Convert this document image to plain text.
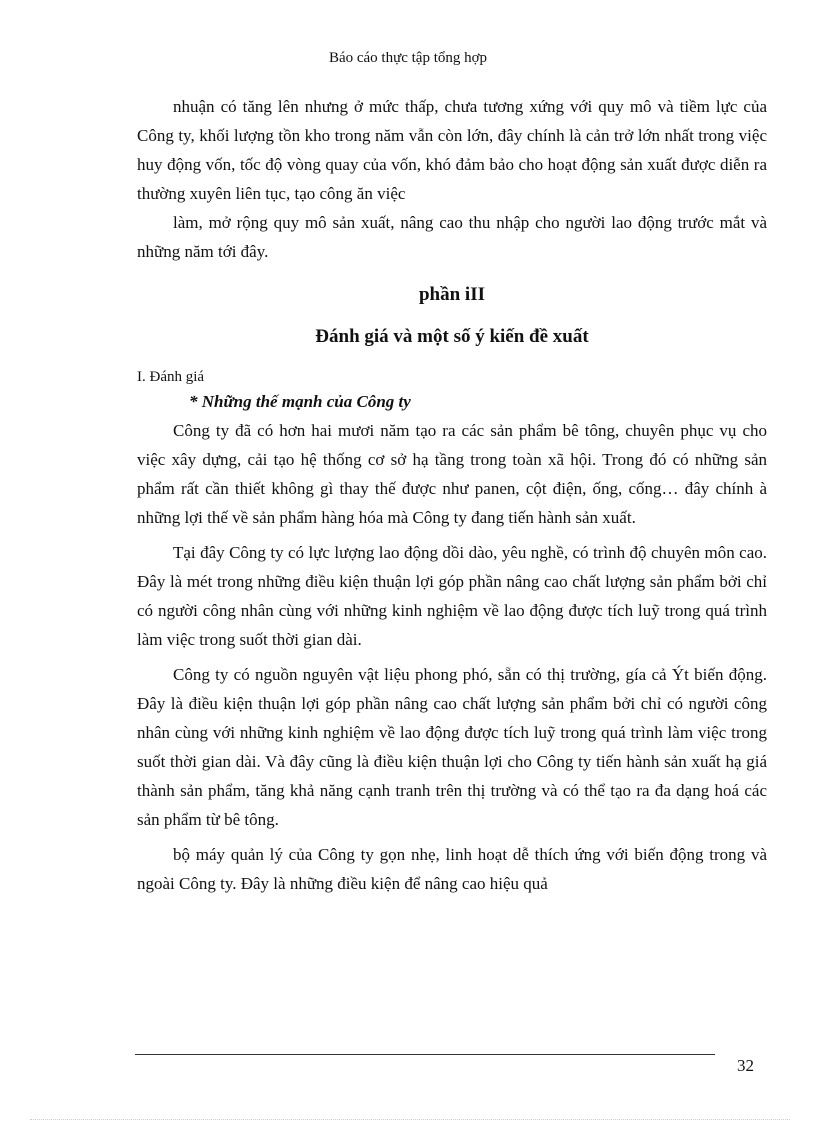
Báo cáo thực tập tổng hợp

nhuận có tăng lên nhưng ở mức thấp, chưa tương xứng với quy mô và tiềm lực của Công ty, khối lượng tồn kho trong năm vẫn còn lớn, đây chính là cản trở lớn nhất trong việc huy động vốn, tốc độ vòng quay của vốn, khó đảm bảo cho hoạt động sản xuất được diễn ra thường xuyên liên tục, tạo công ăn việc

làm, mở rộng quy mô sản xuất, nâng cao thu nhập cho người lao động trước mắt và những năm tới đây.

phần iII
Đánh giá và một số ý kiến đề xuất

I. Đánh giá

* Những thế mạnh của Công ty

Công ty đã có hơn hai mươi năm tạo ra các sản phẩm bê tông, chuyên phục vụ cho việc xây dựng, cải tạo hệ thống cơ sở hạ tầng trong toàn xã hội. Trong đó có những sản phẩm rất cần thiết không gì thay thế được như panen, cột điện, ống, cống… đây chính à những lợi thế về sản phẩm hàng hóa mà Công ty đang tiến hành sản xuất.

Tại đây Công ty có lực lượng lao động dồi dào, yêu nghề, có trình độ chuyên môn cao. Đây là mét trong những điều kiện thuận lợi góp phần nâng cao chất lượng sản phẩm bởi chỉ có người công nhân cùng với những kinh nghiệm về lao động được tích luỹ trong quá trình làm việc trong suốt thời gian dài.

Công ty có nguồn nguyên vật liệu phong phó, sẵn có thị trường, gía cả Ýt biến động. Đây là điều kiện thuận lợi góp phần nâng cao chất lượng sản phẩm bởi chỉ có người công nhân cùng với những kinh nghiệm về lao động được tích luỹ trong quá trình làm việc trong suốt thời gian dài. Và đây cũng là điều kiện thuận lợi cho Công ty tiến hành sản xuất hạ giá thành sản phẩm, tăng khả năng cạnh tranh trên thị trường và có thể tạo ra đa dạng hoá các sản phẩm từ bê tông.

bộ máy quản lý của Công ty gọn nhẹ, linh hoạt dễ thích ứng với biến động trong và ngoài Công ty. Đây là những điều kiện để nâng cao hiệu quả

32
